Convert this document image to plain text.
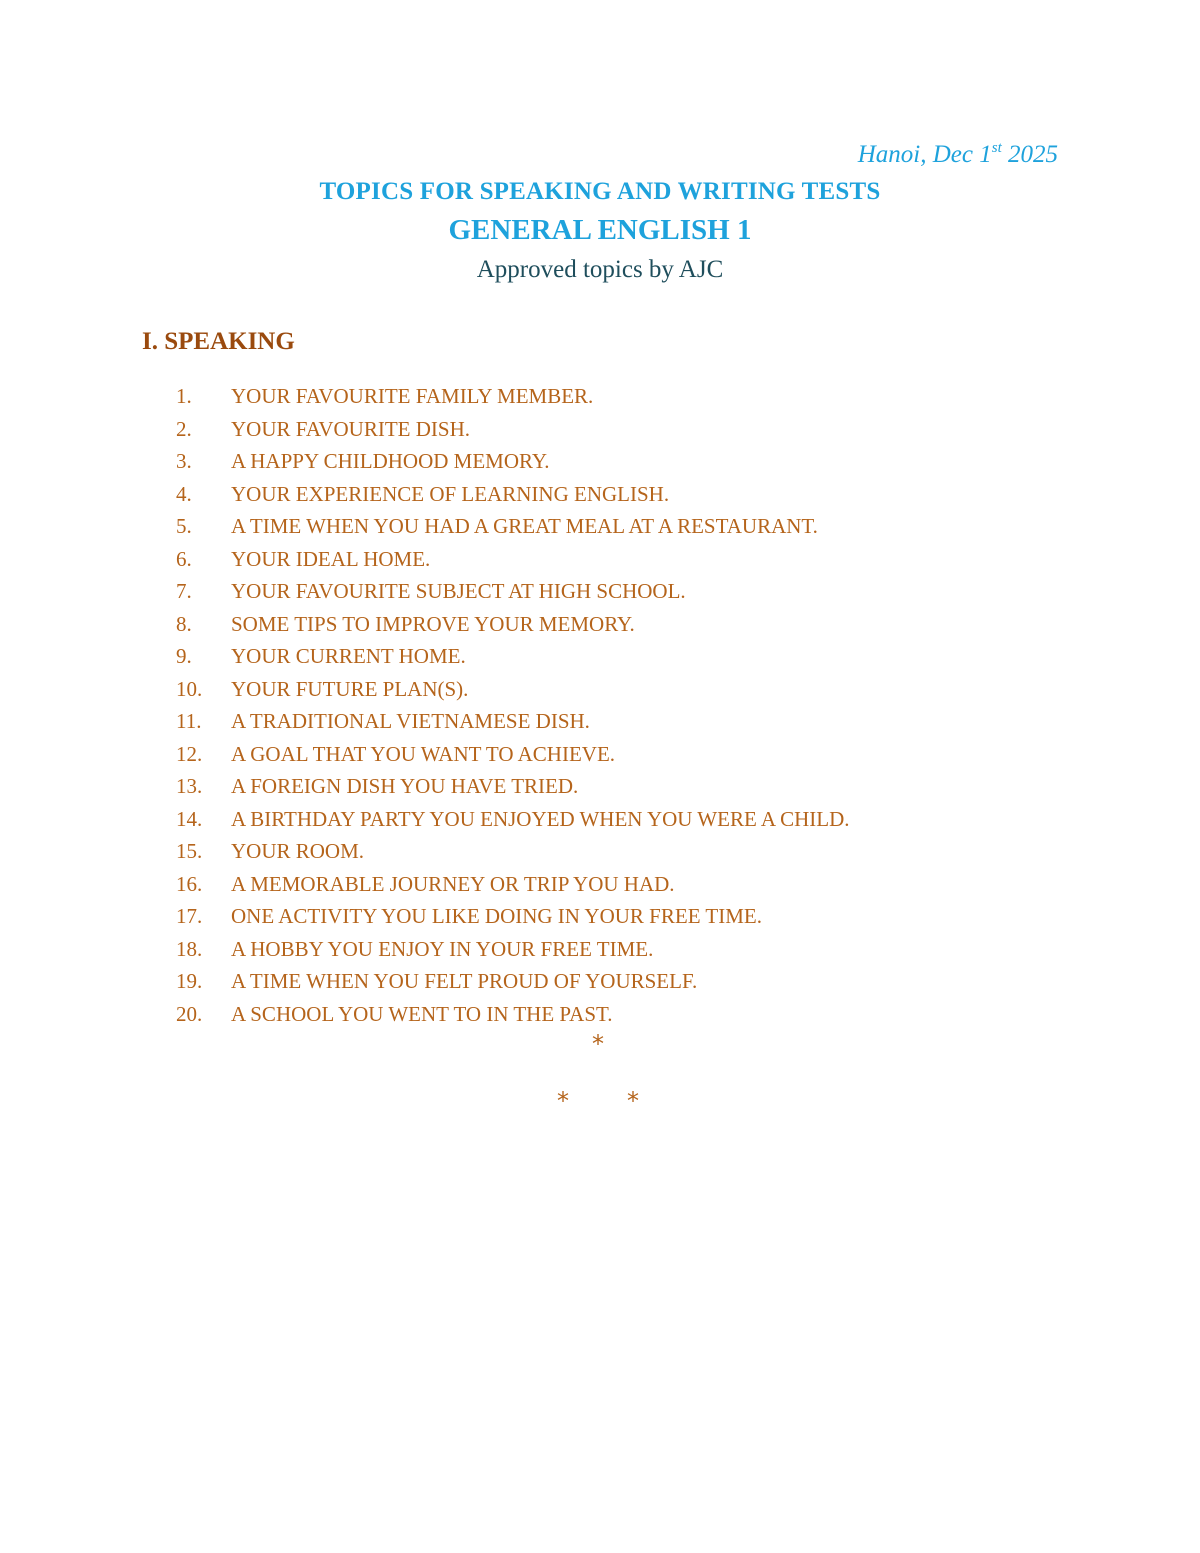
Hanoi, Dec 1st 2025
TOPICS FOR SPEAKING AND WRITING TESTS
GENERAL ENGLISH 1
Approved topics by AJC
I. SPEAKING
1.	YOUR FAVOURITE FAMILY MEMBER.
2.	YOUR FAVOURITE DISH.
3.	A HAPPY CHILDHOOD MEMORY.
4.	YOUR EXPERIENCE OF LEARNING ENGLISH.
5.	A TIME WHEN YOU HAD A GREAT MEAL AT A RESTAURANT.
6.	YOUR IDEAL HOME.
7.	YOUR FAVOURITE SUBJECT AT HIGH SCHOOL.
8.	SOME TIPS TO IMPROVE YOUR MEMORY.
9.	YOUR CURRENT HOME.
10.	YOUR FUTURE PLAN(S).
11.	A TRADITIONAL VIETNAMESE DISH.
12.	A GOAL THAT YOU WANT TO ACHIEVE.
13.	A FOREIGN DISH YOU HAVE TRIED.
14.	A BIRTHDAY PARTY YOU ENJOYED WHEN YOU WERE A CHILD.
15.	YOUR ROOM.
16.	A MEMORABLE JOURNEY OR TRIP YOU HAD.
17.	ONE ACTIVITY YOU LIKE DOING IN YOUR FREE TIME.
18.	A HOBBY YOU ENJOY IN YOUR FREE TIME.
19.	A TIME WHEN YOU FELT PROUD OF YOURSELF.
20.	A SCHOOL YOU WENT TO IN THE PAST.
*
* *
